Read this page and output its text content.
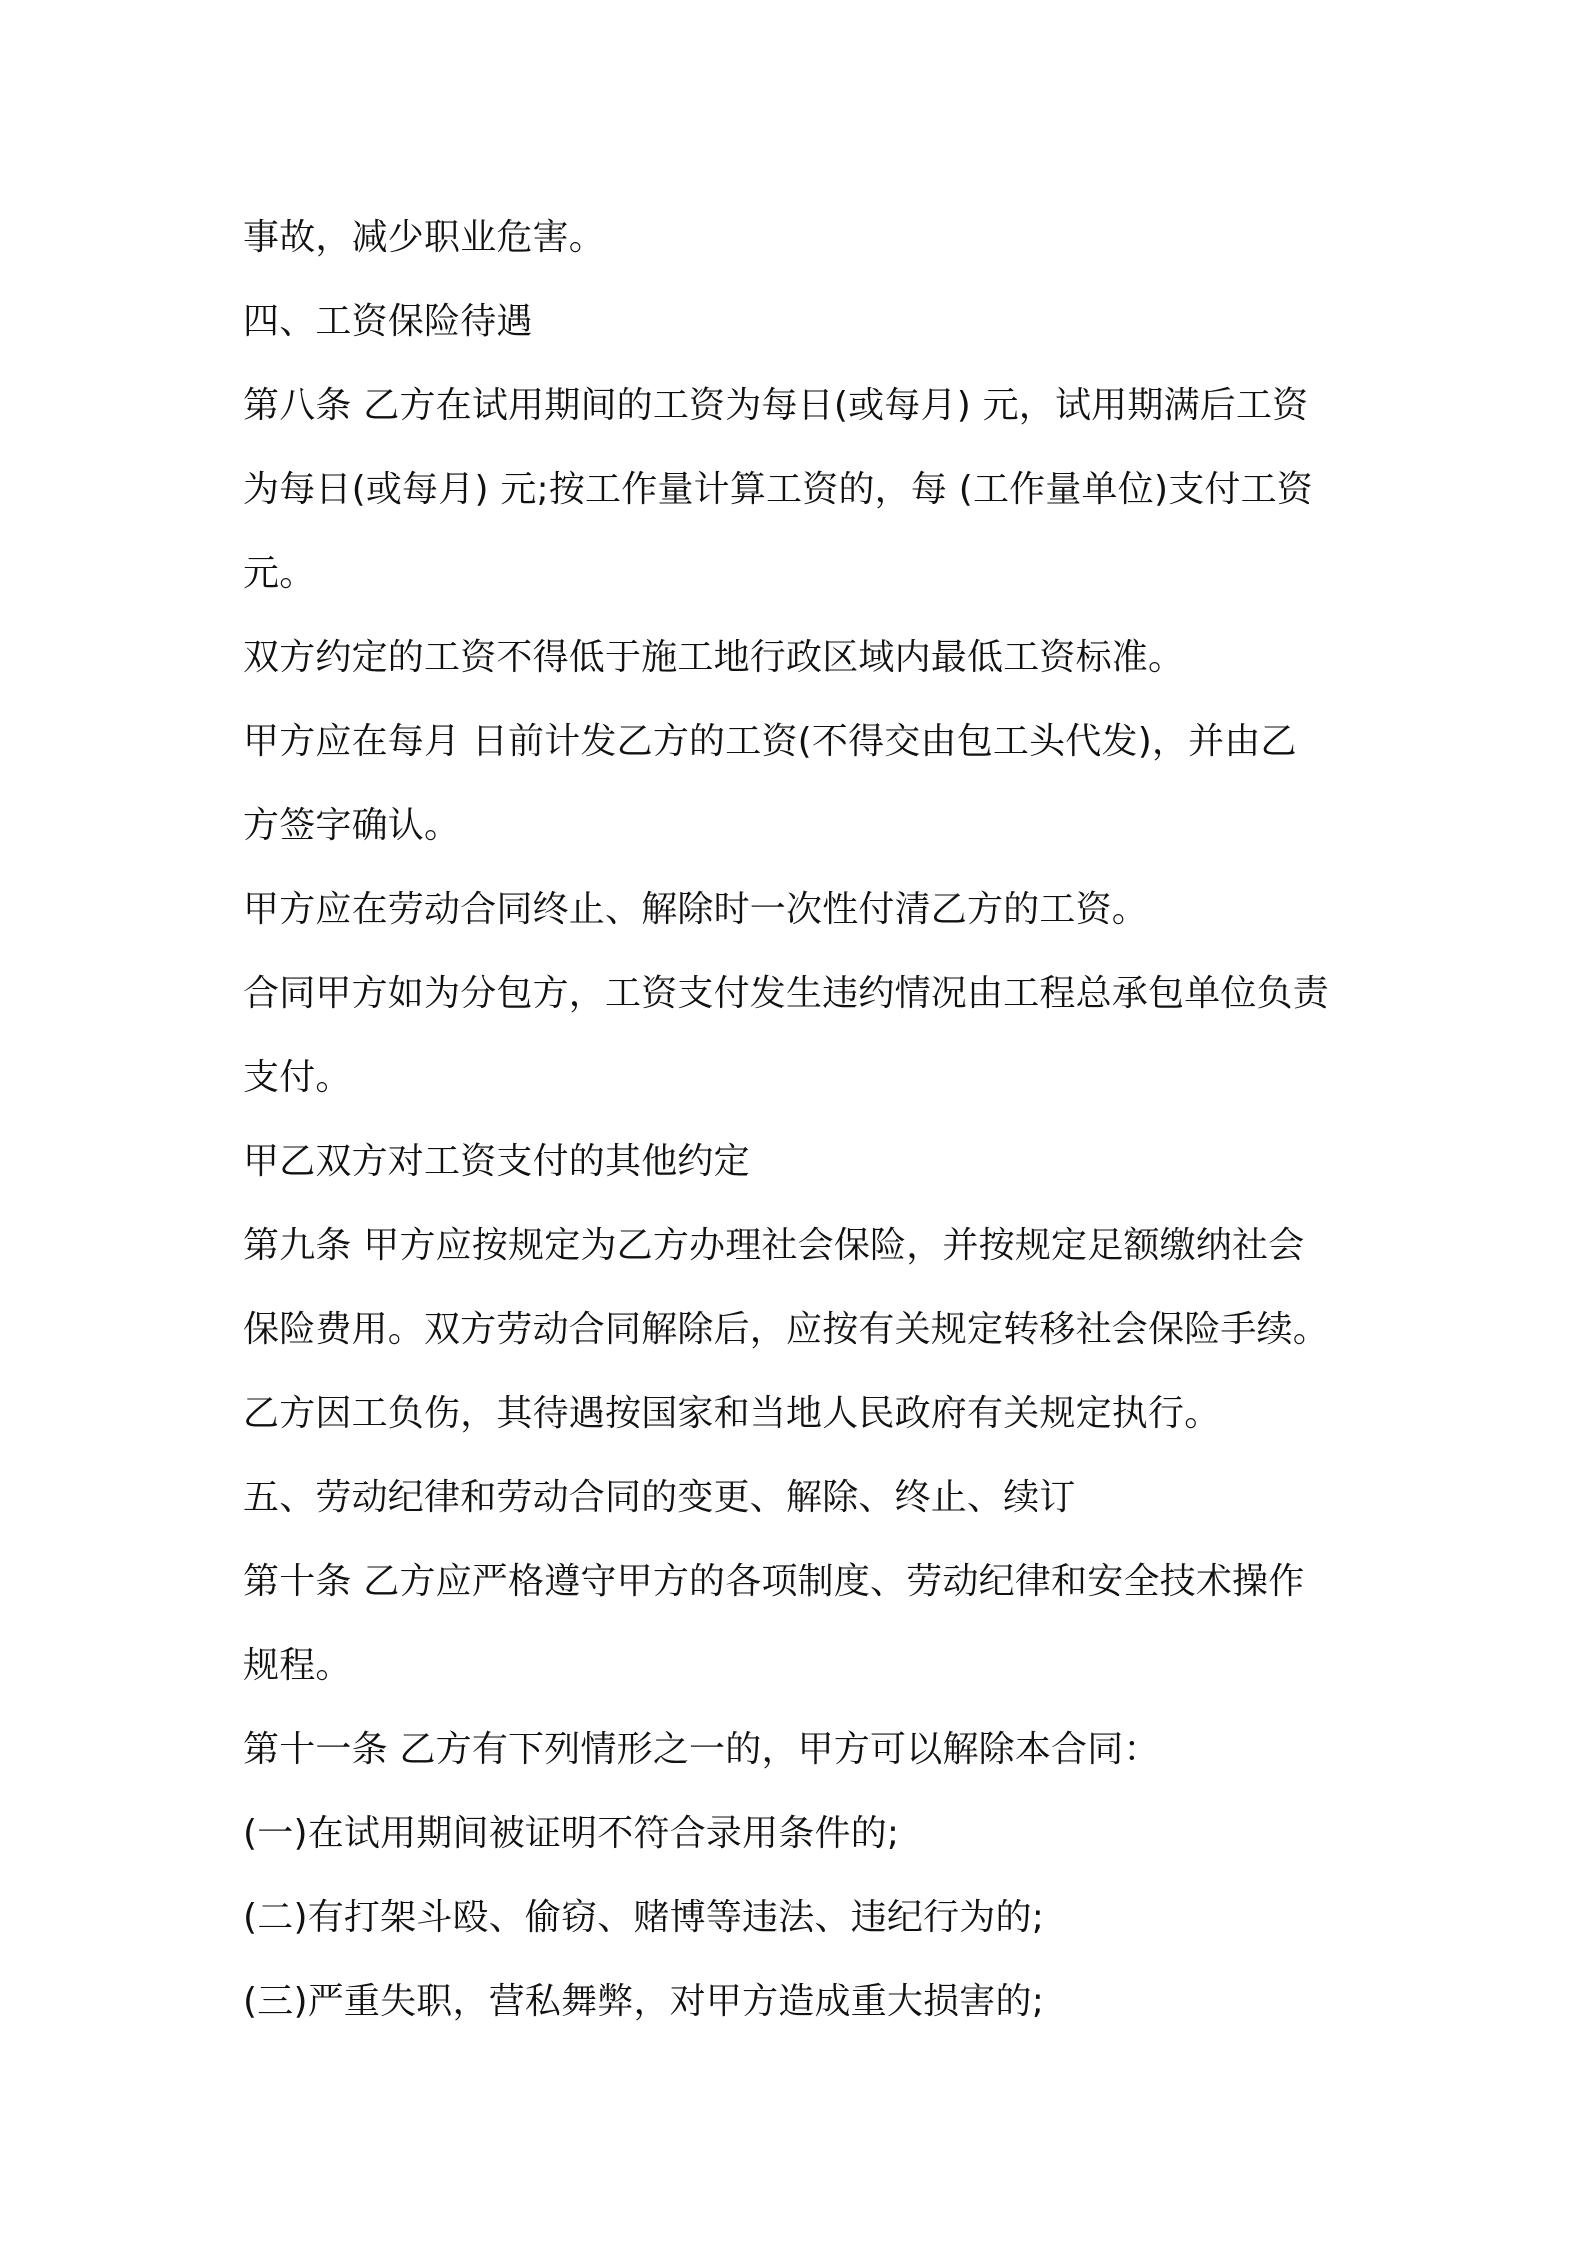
事故，减少职业危害。
四、工资保险待遇
第八条 乙方在试用期间的工资为每日(或每月) 元，试用期满后工资
为每日(或每月) 元;按工作量计算工资的，每 (工作量单位)支付工资
元。
双方约定的工资不得低于施工地行政区域内最低工资标准。
甲方应在每月 日前计发乙方的工资(不得交由包工头代发)，并由乙
方签字确认。
甲方应在劳动合同终止、解除时一次性付清乙方的工资。
合同甲方如为分包方，工资支付发生违约情况由工程总承包单位负责
支付。
甲乙双方对工资支付的其他约定
第九条 甲方应按规定为乙方办理社会保险，并按规定足额缴纳社会
保险费用。双方劳动合同解除后，应按有关规定转移社会保险手续。
乙方因工负伤，其待遇按国家和当地人民政府有关规定执行。
五、劳动纪律和劳动合同的变更、解除、终止、续订
第十条 乙方应严格遵守甲方的各项制度、劳动纪律和安全技术操作
规程。
第十一条 乙方有下列情形之一的，甲方可以解除本合同：
(一)在试用期间被证明不符合录用条件的;
(二)有打架斗殴、偷窃、赌博等违法、违纪行为的;
(三)严重失职，营私舞弊，对甲方造成重大损害的;
